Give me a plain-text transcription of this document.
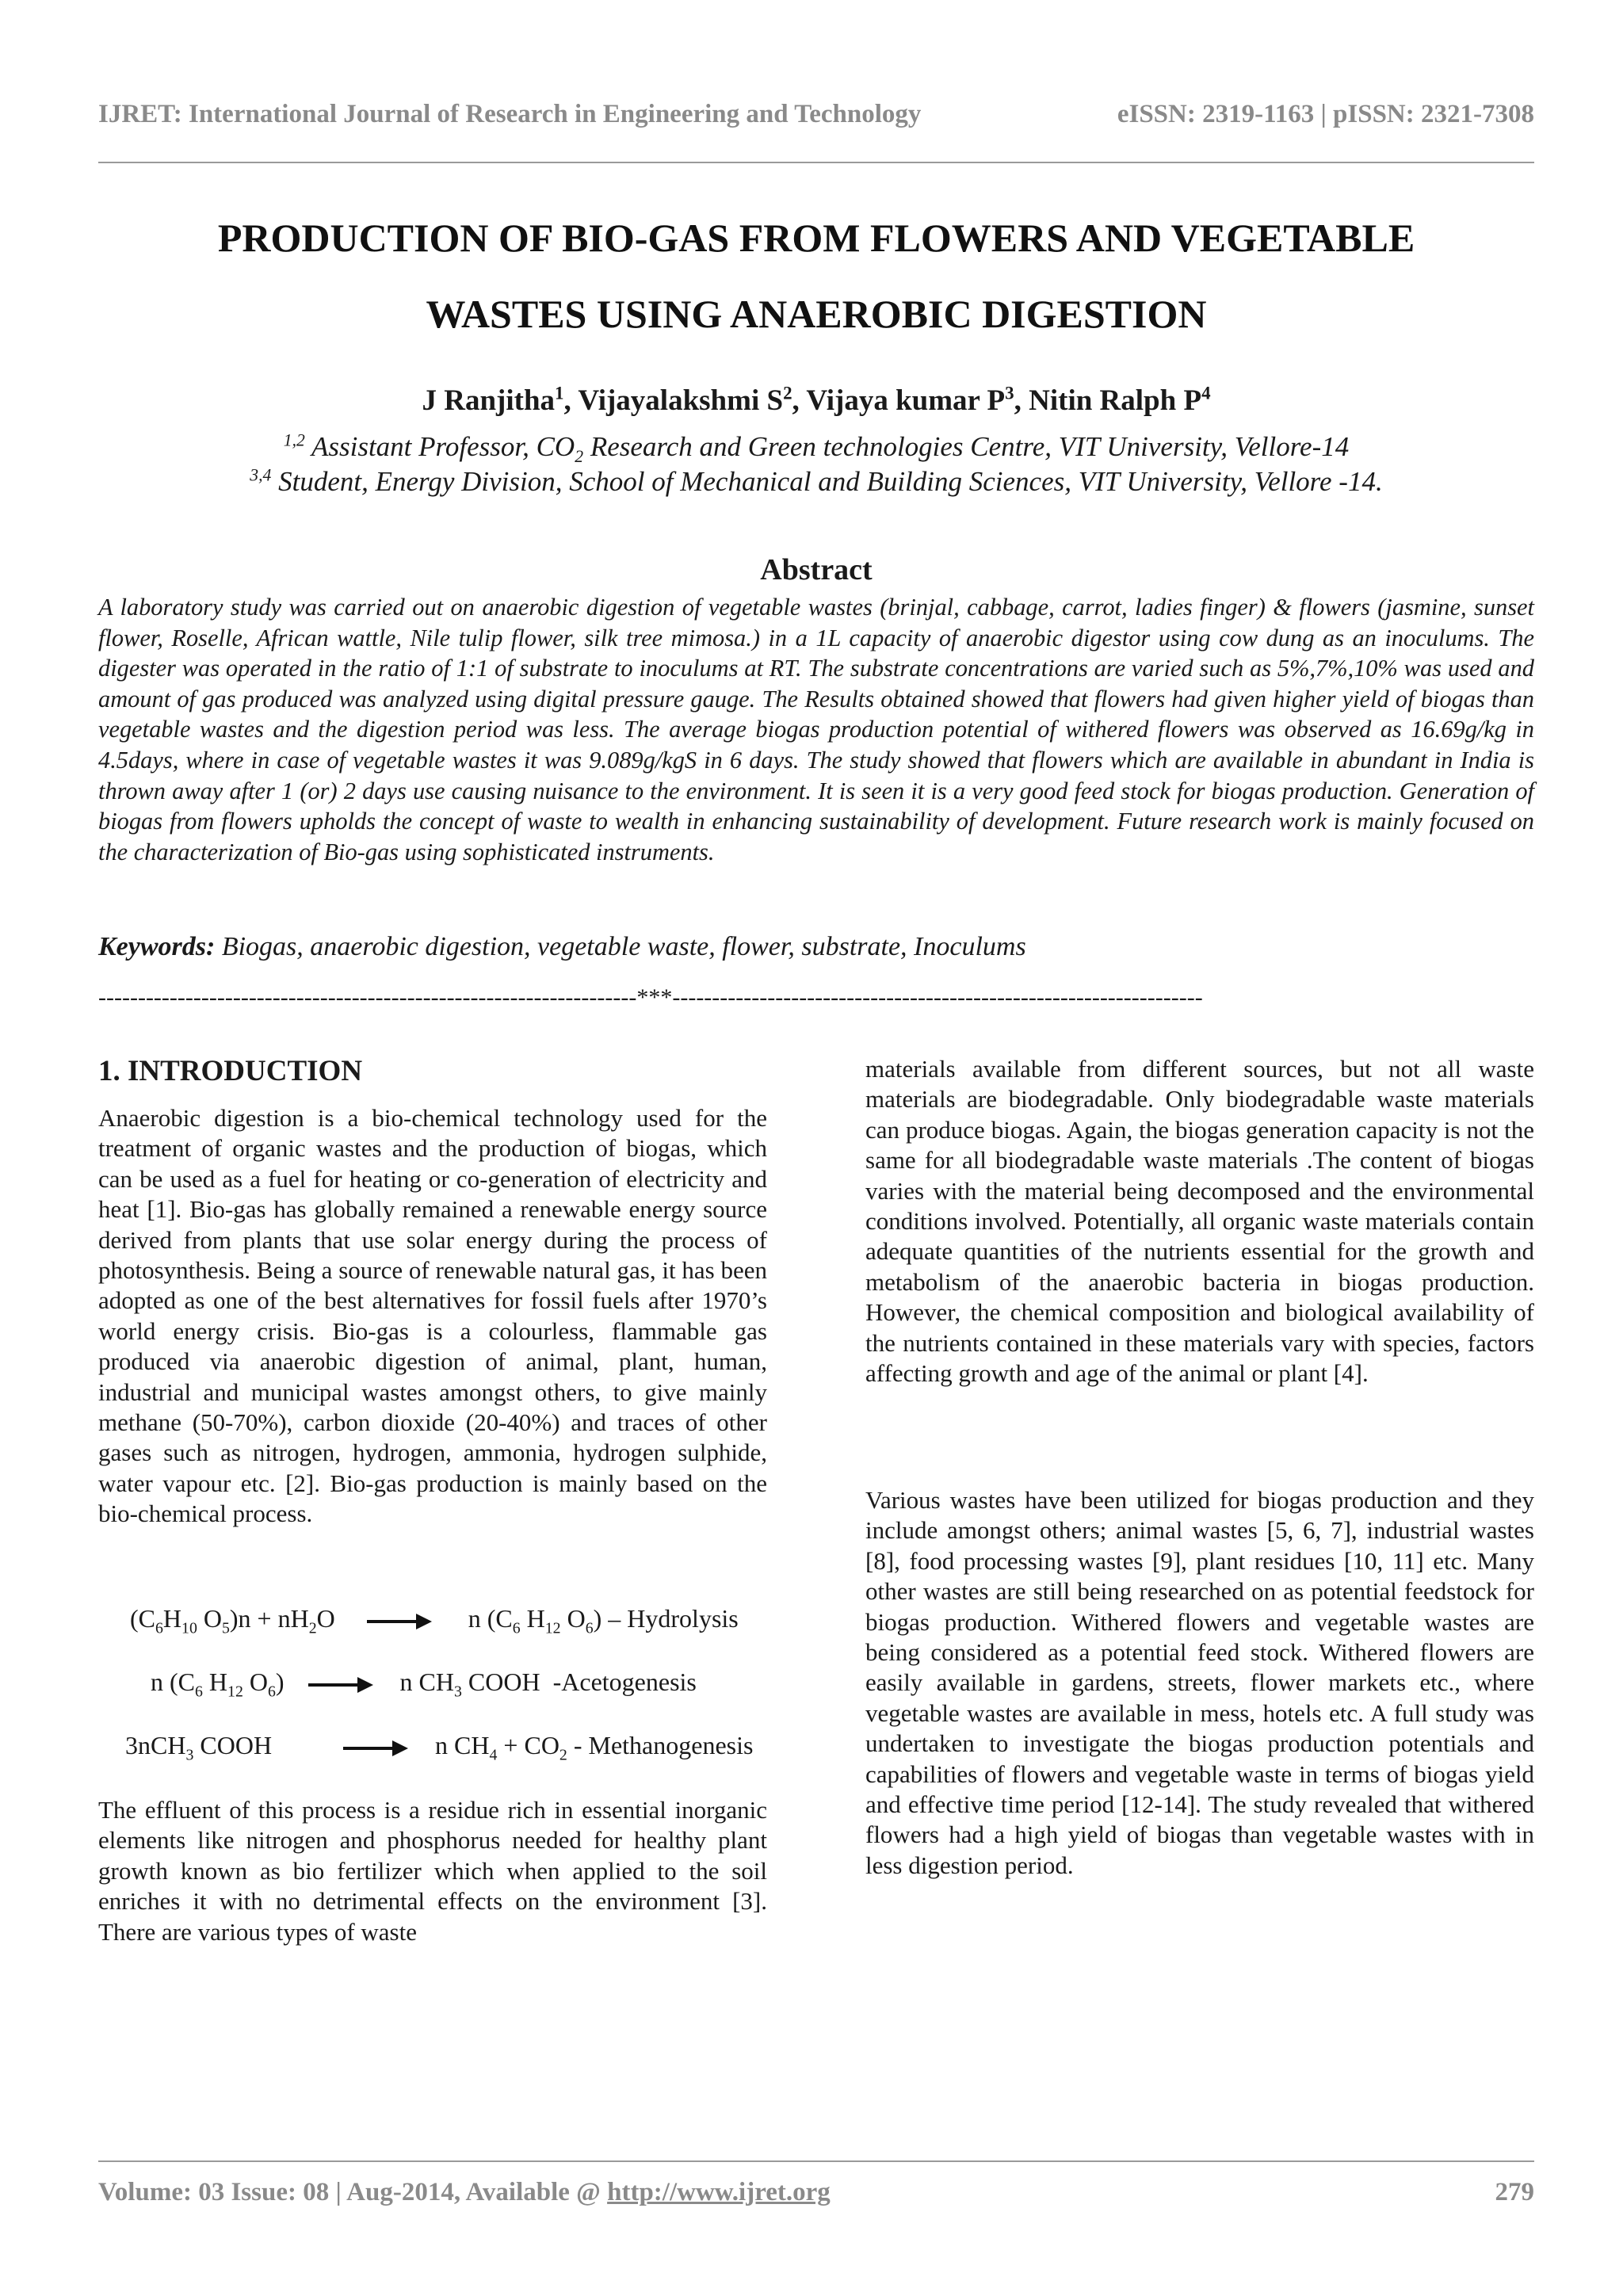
IJRET: International Journal of Research in Engineering and Technology	eISSN: 2319-1163 | pISSN: 2321-7308
PRODUCTION OF BIO-GAS FROM FLOWERS AND VEGETABLE
WASTES USING ANAEROBIC DIGESTION
J Ranjitha$^1$, Vijayalakshmi $S^2$, Vijaya kumar $P^3$, Nitin Ralph $P^4$
$^{1,2}$ Assistant Professor, $CO_2$ Research and Green technologies Centre, VIT University, Vellore-14
$^{3,4}$ Student, Energy Division, School of Mechanical and Building Sciences, VIT University, Vellore -14.
Abstract
A laboratory study was carried out on anaerobic digestion of vegetable wastes (brinjal, cabbage, carrot, ladies finger) & flowers (jasmine, sunset flower, Roselle, African wattle, Nile tulip flower, silk tree mimosa.) in a 1L capacity of anaerobic digestor using cow dung as an inoculums. The digester was operated in the ratio of 1:1 of substrate to inoculums at RT. The substrate concentrations are varied such as 5%,7%,10% was used and amount of gas produced was analyzed using digital pressure gauge. The Results obtained showed that flowers had given higher yield of biogas than vegetable wastes and the digestion period was less. The average biogas production potential of withered flowers was observed as 16.69g/kg in 4.5days, where in case of vegetable wastes it was 9.089g/kgS in 6 days. The study showed that flowers which are available in abundant in India is thrown away after 1 (or) 2 days use causing nuisance to the environment. It is seen it is a very good feed stock for biogas production. Generation of biogas from flowers upholds the concept of waste to wealth in enhancing sustainability of development. Future research work is mainly focused on the characterization of Bio-gas using sophisticated instruments.
Keywords: Biogas, anaerobic digestion, vegetable waste, flower, substrate, Inoculums
--------------------------------------------------------------------***-------------------------------------------------------------------
1. INTRODUCTION
Anaerobic digestion is a bio-chemical technology used for the treatment of organic wastes and the production of biogas, which can be used as a fuel for heating or co-generation of electricity and heat [1]. Bio-gas has globally remained a renewable energy source derived from plants that use solar energy during the process of photosynthesis. Being a source of renewable natural gas, it has been adopted as one of the best alternatives for fossil fuels after 1970’s world energy crisis. Bio-gas is a colourless, flammable gas produced via anaerobic digestion of animal, plant, human, industrial and municipal wastes amongst others, to give mainly methane (50-70%), carbon dioxide (20-40%) and traces of other gases such as nitrogen, hydrogen, ammonia, hydrogen sulphide, water vapour etc. [2]. Bio-gas production is mainly based on the bio-chemical process.
($C_6H_{10}$ $O_5)n + nH_2O \to n$ ($C_6$ $H_{12}$ $O_6$) – Hydrolysis
n ($C_6$ $H_{12}$ $O_6) \to n$ $CH_3$ COOH  -Acetogenesis
3nCH$_3$ COOH	→ n $CH_4 + CO_2$ - Methanogenesis
The effluent of this process is a residue rich in essential inorganic elements like nitrogen and phosphorus needed for healthy plant growth known as bio fertilizer which when applied to the soil enriches it with no detrimental effects on the environment [3]. There are various types of waste
materials available from different sources, but not all waste materials are biodegradable. Only biodegradable waste materials can produce biogas. Again, the biogas generation capacity is not the same for all biodegradable waste materials .The content of biogas varies with the material being decomposed and the environmental conditions involved. Potentially, all organic waste materials contain adequate quantities of the nutrients essential for the growth and metabolism of the anaerobic bacteria in biogas production. However, the chemical composition and biological availability of the nutrients contained in these materials vary with species, factors affecting growth and age of the animal or plant [4].
Various wastes have been utilized for biogas production and they include amongst others; animal wastes [5, 6, 7], industrial wastes [8], food processing wastes [9], plant residues [10, 11] etc. Many other wastes are still being researched on as potential feedstock for biogas production. Withered flowers and vegetable wastes are being considered as a potential feed stock. Withered flowers are easily available in gardens, streets, flower markets etc., where vegetable wastes are available in mess, hotels etc. A full study was undertaken to investigate the biogas production potentials and capabilities of flowers and vegetable waste in terms of biogas yield and effective time period [12-14]. The study revealed that withered flowers had a high yield of biogas than vegetable wastes with in less digestion period.
Volume: 03 Issue: 08 | Aug-2014, Available @ http://www.ijret.org	279
